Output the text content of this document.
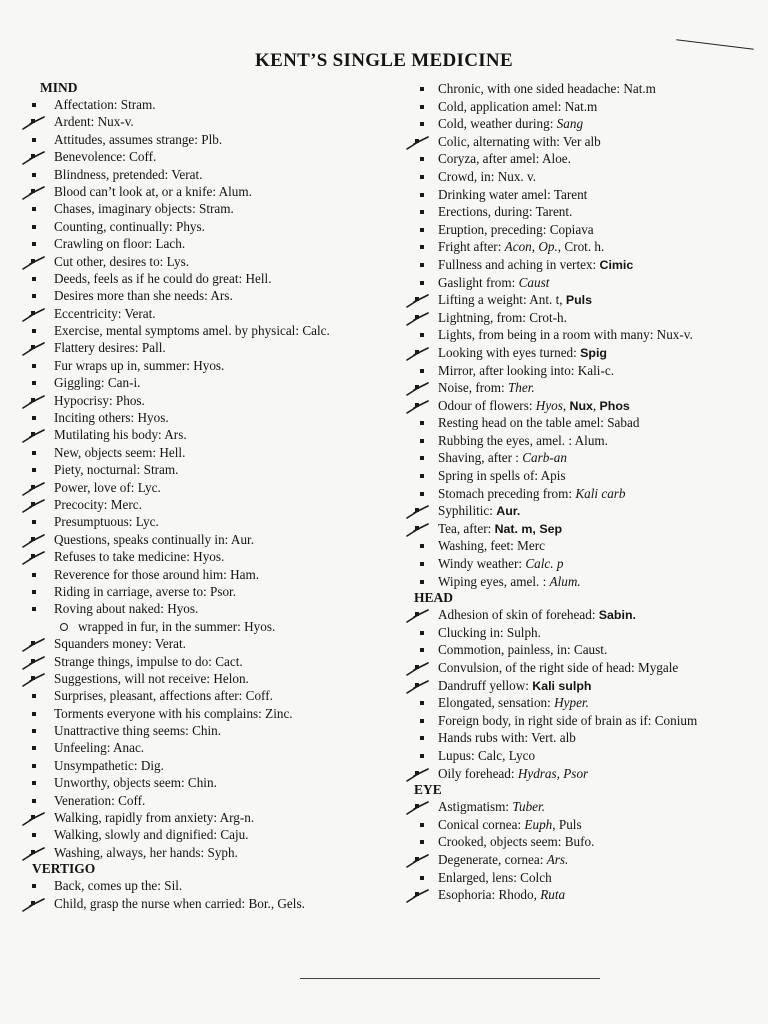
KENT’S SINGLE MEDICINE
MIND
Affectation: Stram.
Ardent: Nux-v.
Attitudes, assumes strange: Plb.
Benevolence: Coff.
Blindness, pretended: Verat.
Blood can’t look at, or a knife: Alum.
Chases, imaginary objects: Stram.
Counting, continually: Phys.
Crawling on floor: Lach.
Cut other, desires to: Lys.
Deeds, feels as if he could do great: Hell.
Desires more than she needs: Ars.
Eccentricity: Verat.
Exercise, mental symptoms amel. by physical: Calc.
Flattery desires: Pall.
Fur wraps up in, summer: Hyos.
Giggling: Can-i.
Hypocrisy: Phos.
Inciting others: Hyos.
Mutilating his body: Ars.
New, objects seem: Hell.
Piety, nocturnal: Stram.
Power, love of: Lyc.
Precocity: Merc.
Presumptuous: Lyc.
Questions, speaks continually in: Aur.
Refuses to take medicine: Hyos.
Reverence for those around him: Ham.
Riding in carriage, averse to: Psor.
Roving about naked: Hyos.
wrapped in fur, in the summer: Hyos.
Squanders money: Verat.
Strange things, impulse to do: Cact.
Suggestions, will not receive: Helon.
Surprises, pleasant, affections after: Coff.
Torments everyone with his complains: Zinc.
Unattractive thing seems: Chin.
Unfeeling: Anac.
Unsympathetic: Dig.
Unworthy, objects seem: Chin.
Veneration: Coff.
Walking, rapidly from anxiety: Arg-n.
Walking, slowly and dignified: Caju.
Washing, always, her hands: Syph.
VERTIGO
Back, comes up the: Sil.
Child, grasp the nurse when carried: Bor., Gels.
Chronic, with one sided headache: Nat.m
Cold, application amel: Nat.m
Cold, weather during: Sang
Colic, alternating with: Ver alb
Coryza, after amel: Aloe.
Crowd, in: Nux. v.
Drinking water amel: Tarent
Erections, during: Tarent.
Eruption, preceding: Copiava
Fright after: Acon, Op., Crot. h.
Fullness and aching in vertex: Cimic
Gaslight from: Caust
Lifting a weight: Ant. t, Puls
Lightning, from: Crot-h.
Lights, from being in a room with many: Nux-v.
Looking with eyes turned: Spig
Mirror, after looking into: Kali-c.
Noise, from: Ther.
Odour of flowers: Hyos, Nux, Phos
Resting head on the table amel: Sabad
Rubbing the eyes, amel. : Alum.
Shaving, after : Carb-an
Spring in spells of: Apis
Stomach preceding from: Kali carb
Syphilitic: Aur.
Tea, after: Nat. m, Sep
Washing, feet: Merc
Windy weather: Calc. p
Wiping eyes, amel. : Alum.
HEAD
Adhesion of skin of forehead: Sabin.
Clucking in: Sulph.
Commotion, painless, in: Caust.
Convulsion, of the right side of head: Mygale
Dandruff yellow: Kali sulph
Elongated, sensation: Hyper.
Foreign body, in right side of brain as if: Conium
Hands rubs with: Vert. alb
Lupus: Calc, Lyco
Oily forehead: Hydras, Psor
EYE
Astigmatism: Tuber.
Conical cornea: Euph, Puls
Crooked, objects seem: Bufo.
Degenerate, cornea: Ars.
Enlarged, lens: Colch
Esophoria: Rhodo, Ruta
